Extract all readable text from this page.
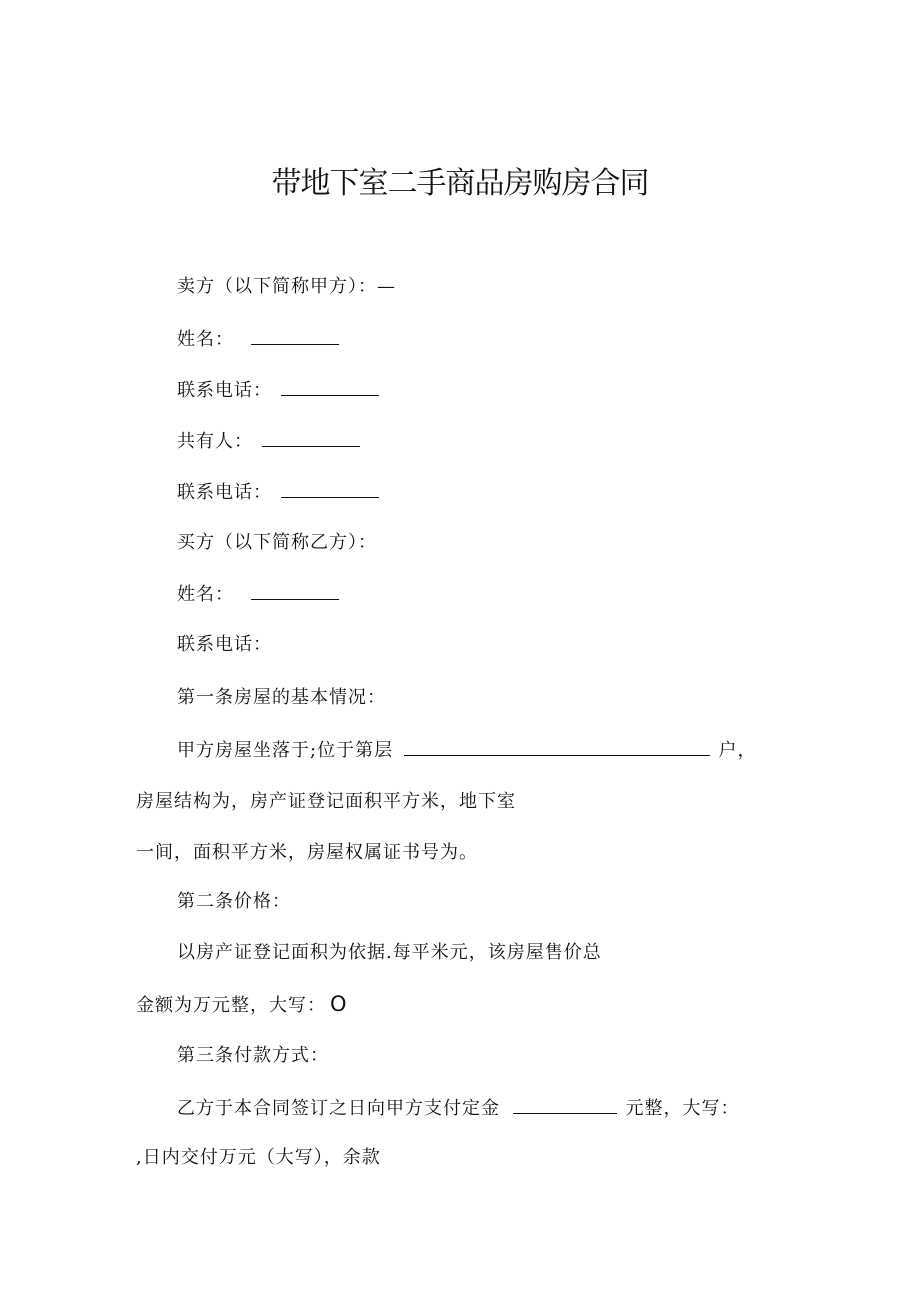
带地下室二手商品房购房合同
卖方（以下简称甲方）：—
姓名：
联系电话：
共有人：
联系电话：
买方（以下简称乙方）：
姓名：
联系电话：
第一条房屋的基本情况：
甲方房屋坐落于;位于第层	户，
房屋结构为，房产证登记面积平方米，地下室
一间，面积平方米，房屋权属证书号为。
第二条价格：
以房产证登记面积为依据.每平米元，该房屋售价总
金额为万元整，大写： O
第三条付款方式：
乙方于本合同签订之日向甲方支付定金	元整，大写：
,日内交付万元（大写），余款
